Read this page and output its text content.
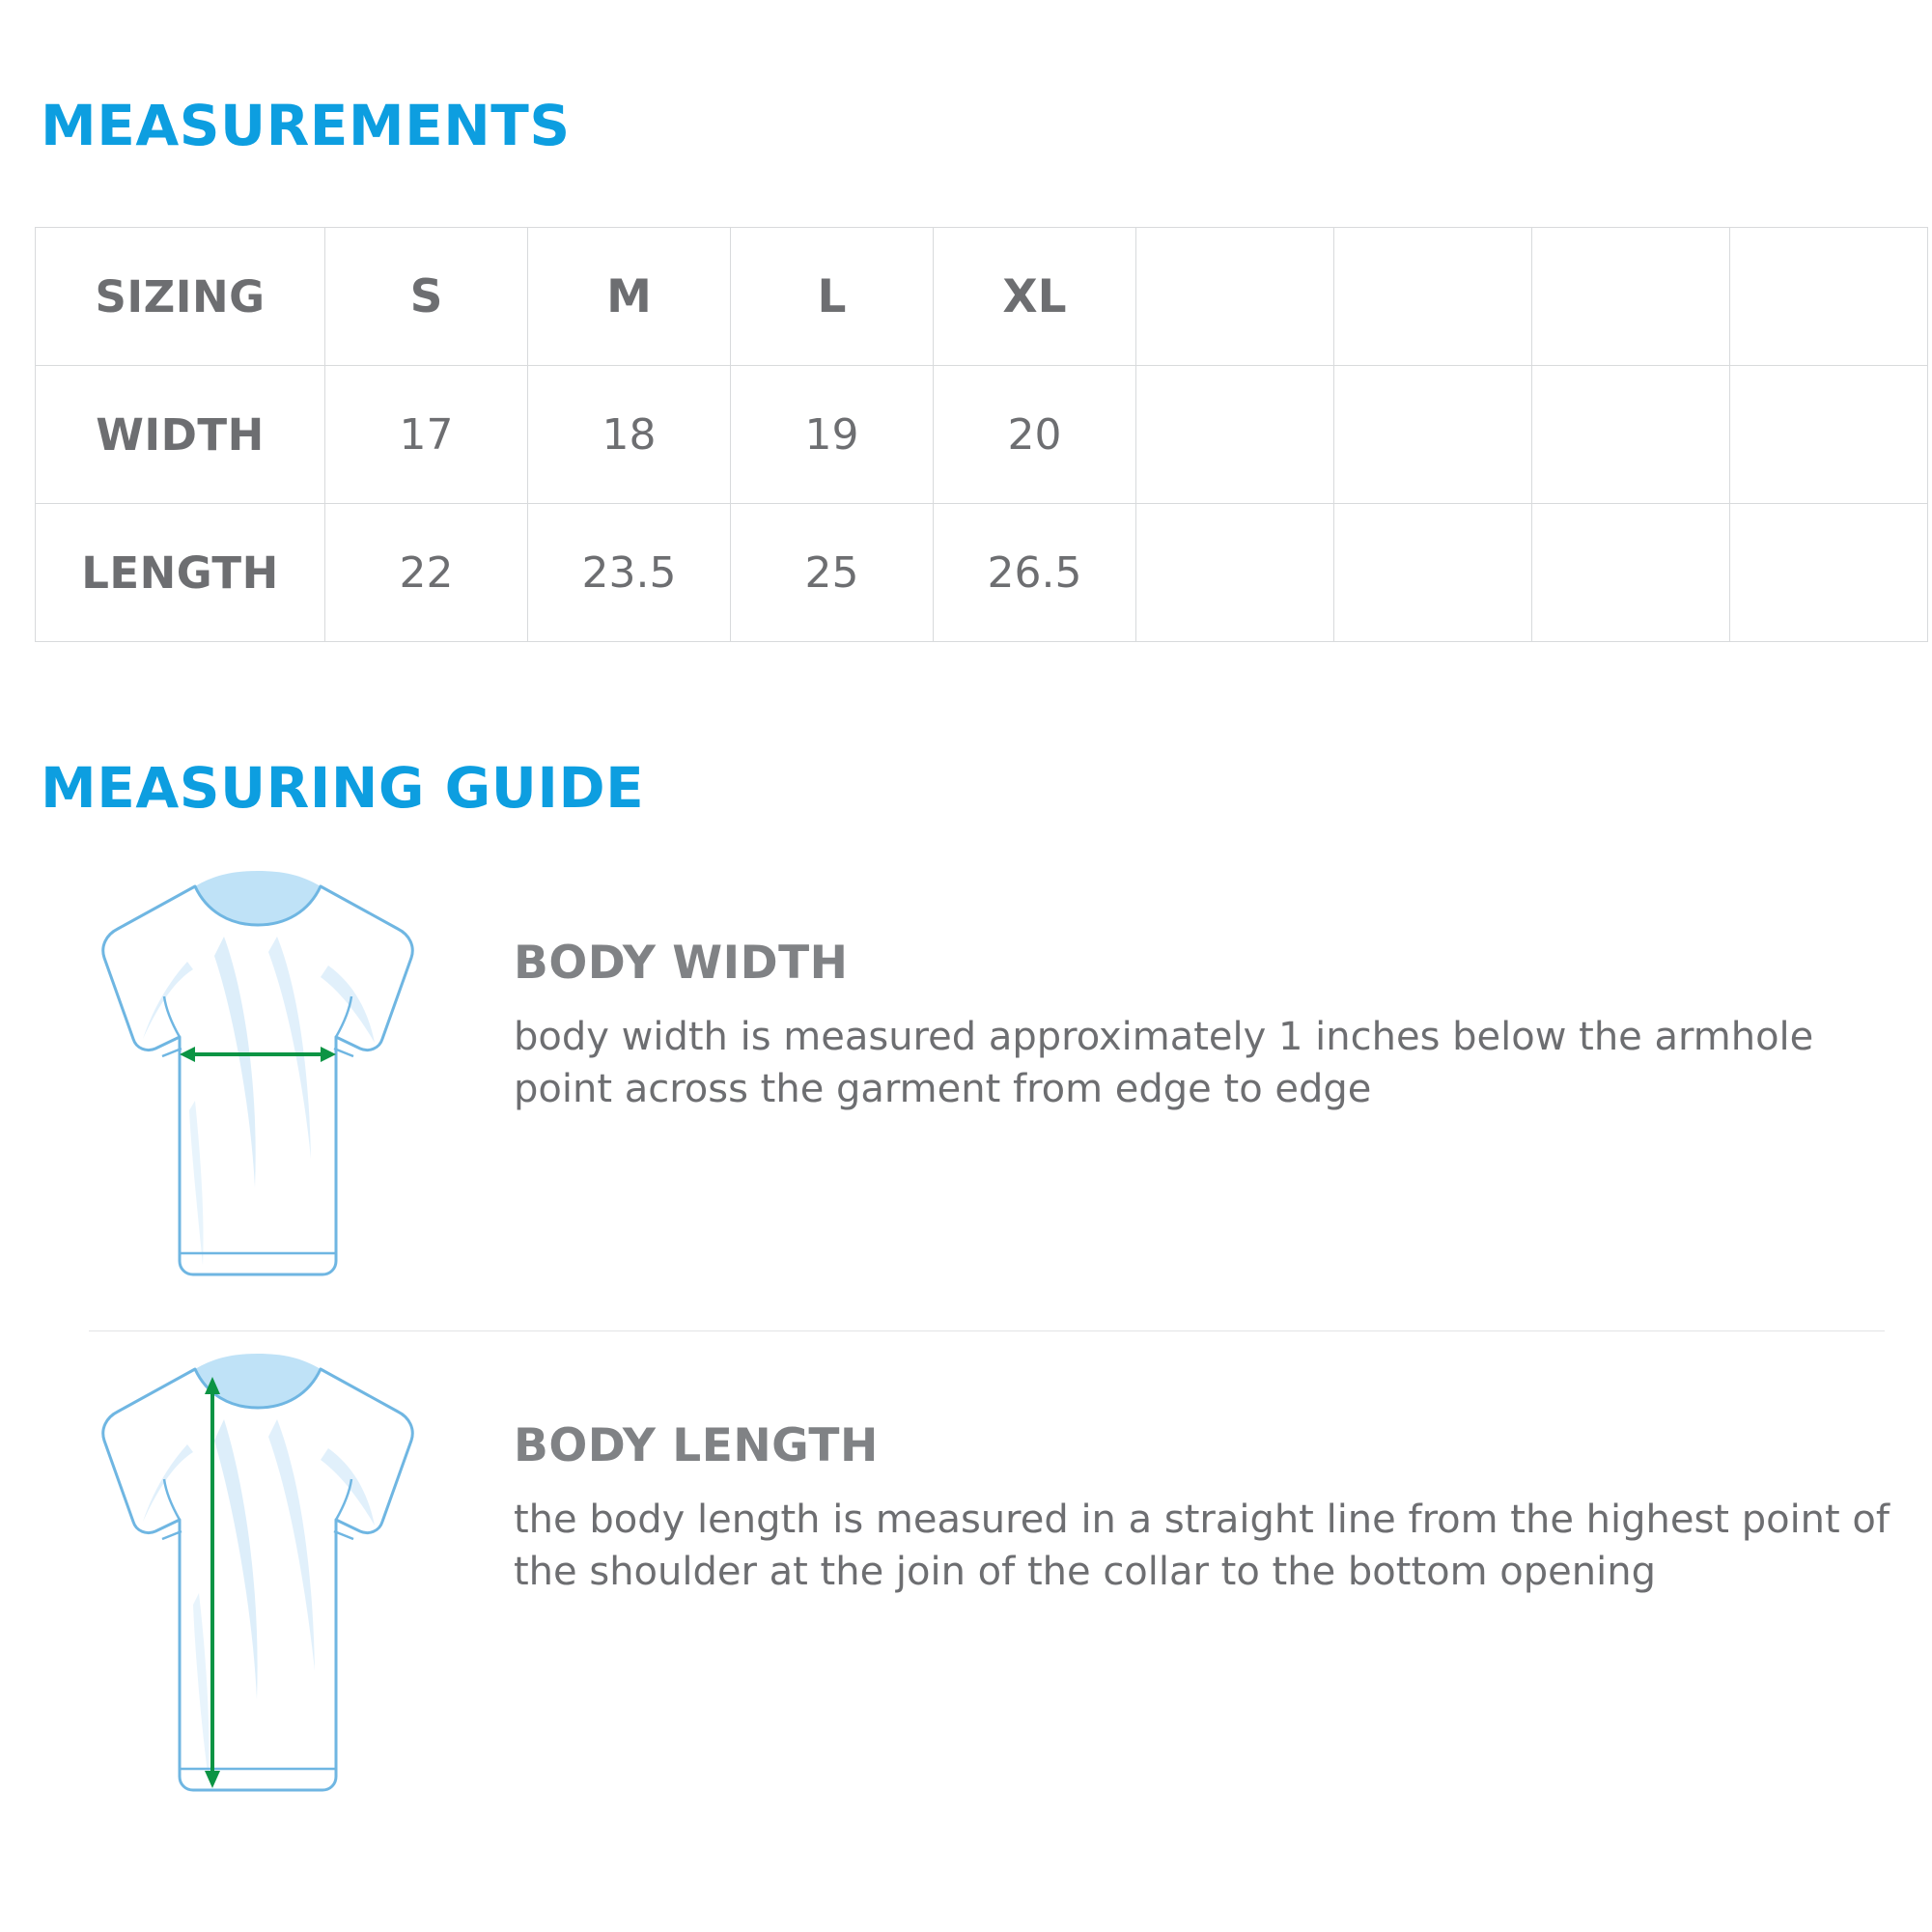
MEASUREMENTS
SIZING	S	M	L	XL				
WIDTH	17	18	19	20				
LENGTH	22	23.5	25	26.5				
MEASURING GUIDE
BODY WIDTH

body width is measured approximately 1 inches below the armhole point across the garment from edge to edge

BODY LENGTH

the body length is measured in a straight line from the highest point of the shoulder at the join of the collar to the bottom opening
